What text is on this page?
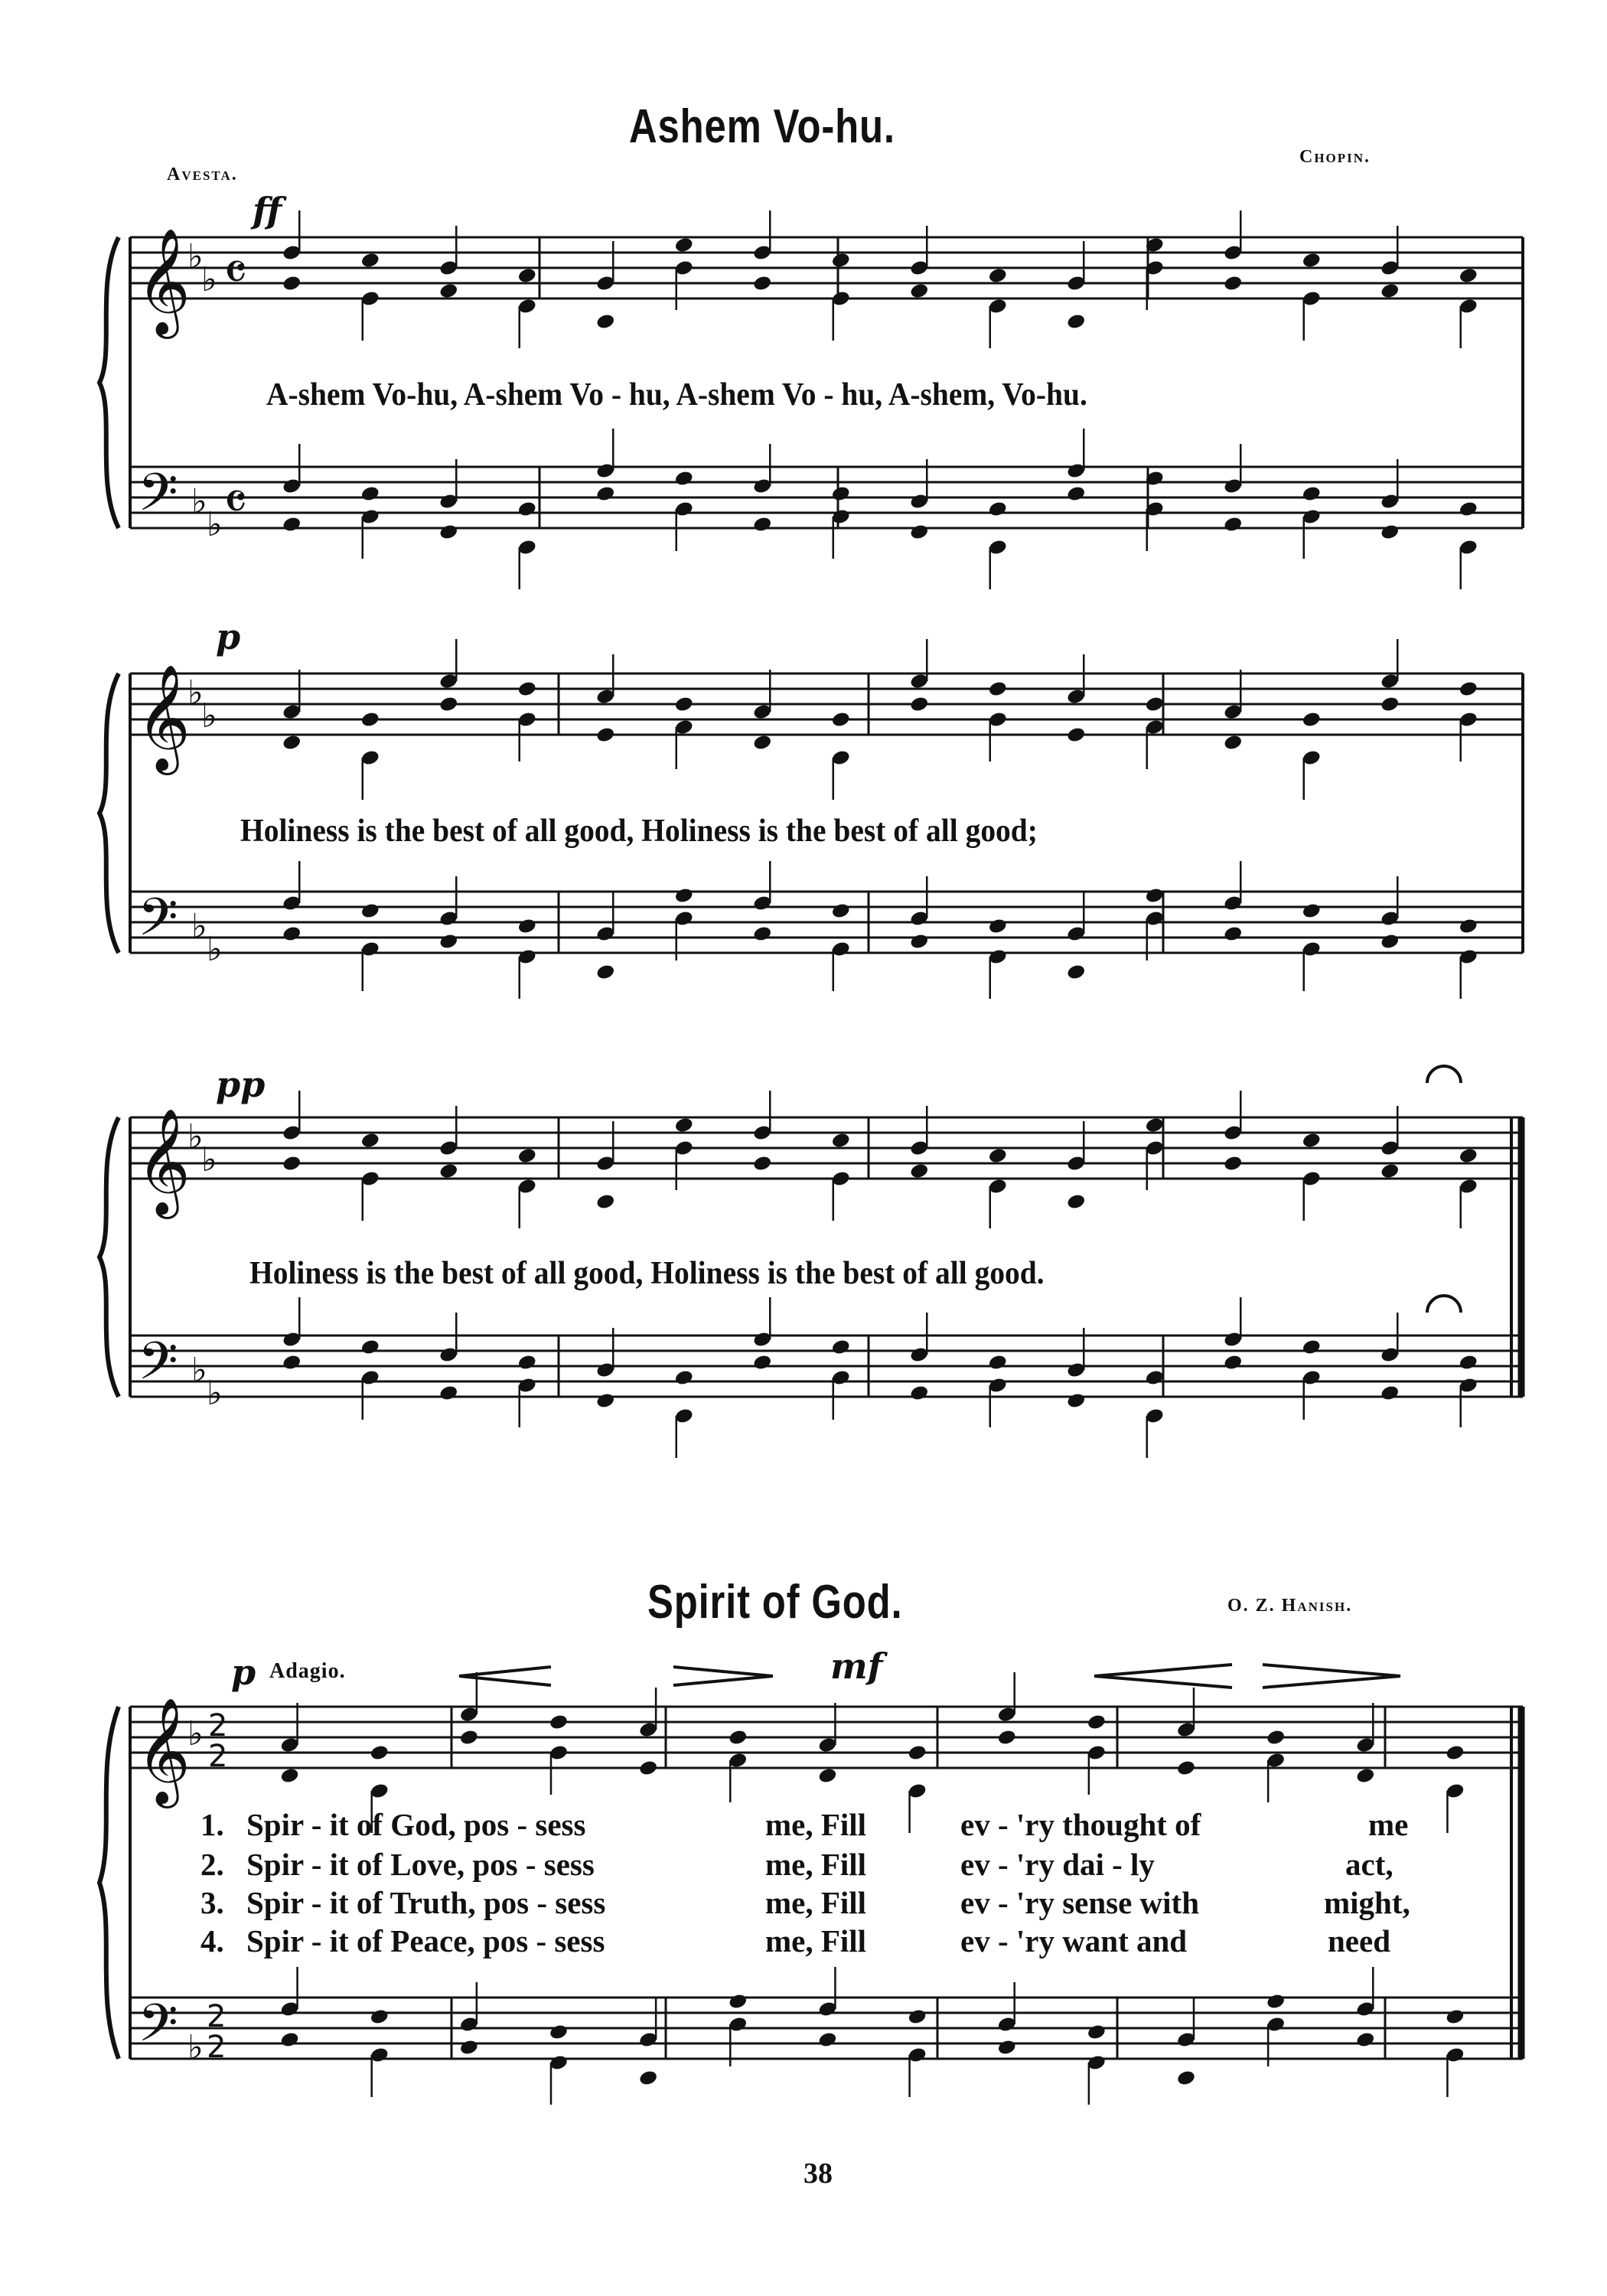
Ashem Vo-hu.
Avesta.
Chopin.
ff
p
pp
A-shem Vo-hu, A-shem Vo - hu, A-shem Vo - hu, A-shem, Vo-hu.
Holiness is the best of all good, Holiness is the best of all good;
Holiness is the best of all good, Holiness is the best of all good.
Spirit of God.	O. Z. Hanish.
p Adagio.	mf
1. Spir - it of God, pos - sess	me, Fill	ev - 'ry thought of	me
2. Spir - it of Love, pos - sess	me, Fill	ev - 'ry dai - ly	act,
3. Spir - it of Truth, pos - sess	me, Fill	ev - 'ry sense with	might,
4. Spir - it of Peace, pos - sess	me, Fill	ev - 'ry want and	need
38
𝄞
𝄢
♭
♭
♭
♭
𝄴
𝄴
𝄞
𝄢
♭
♭
♭
♭
𝄞
𝄢
♭
♭
♭
♭
𝄞
𝄢
♭
♭
2
2
2
2
